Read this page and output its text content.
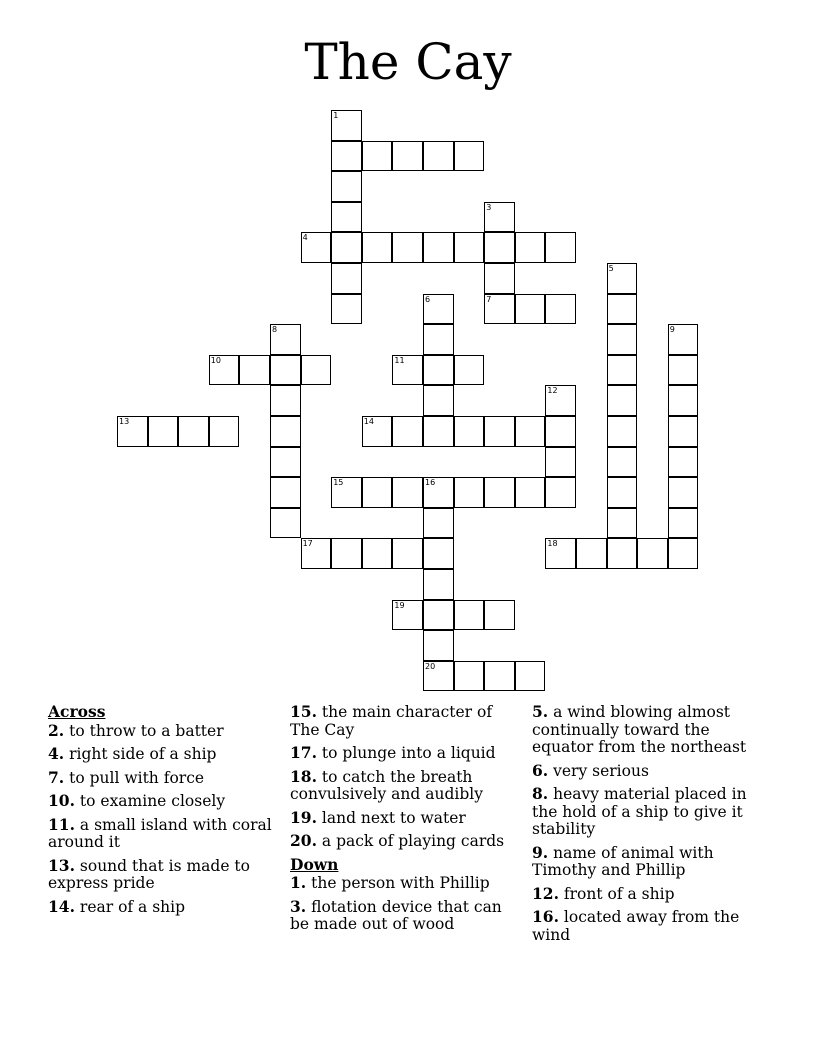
The Cay
1
3
4
5
6	7
8	9
10	11
12
13	14
15	16
17	18
19
20
Across
2. to throw to a batter
4. right side of a ship
7. to pull with force
10. to examine closely
11. a small island with coral around it
13. sound that is made to express pride
14. rear of a ship
15. the main character of The Cay
17. to plunge into a liquid
18. to catch the breath convulsively and audibly
19. land next to water
20. a pack of playing cards
Down
1. the person with Phillip
3. flotation device that can be made out of wood
5. a wind blowing almost continually toward the equator from the northeast
6. very serious
8. heavy material placed in the hold of a ship to give it stability
9. name of animal with Timothy and Phillip
12. front of a ship
16. located away from the wind
